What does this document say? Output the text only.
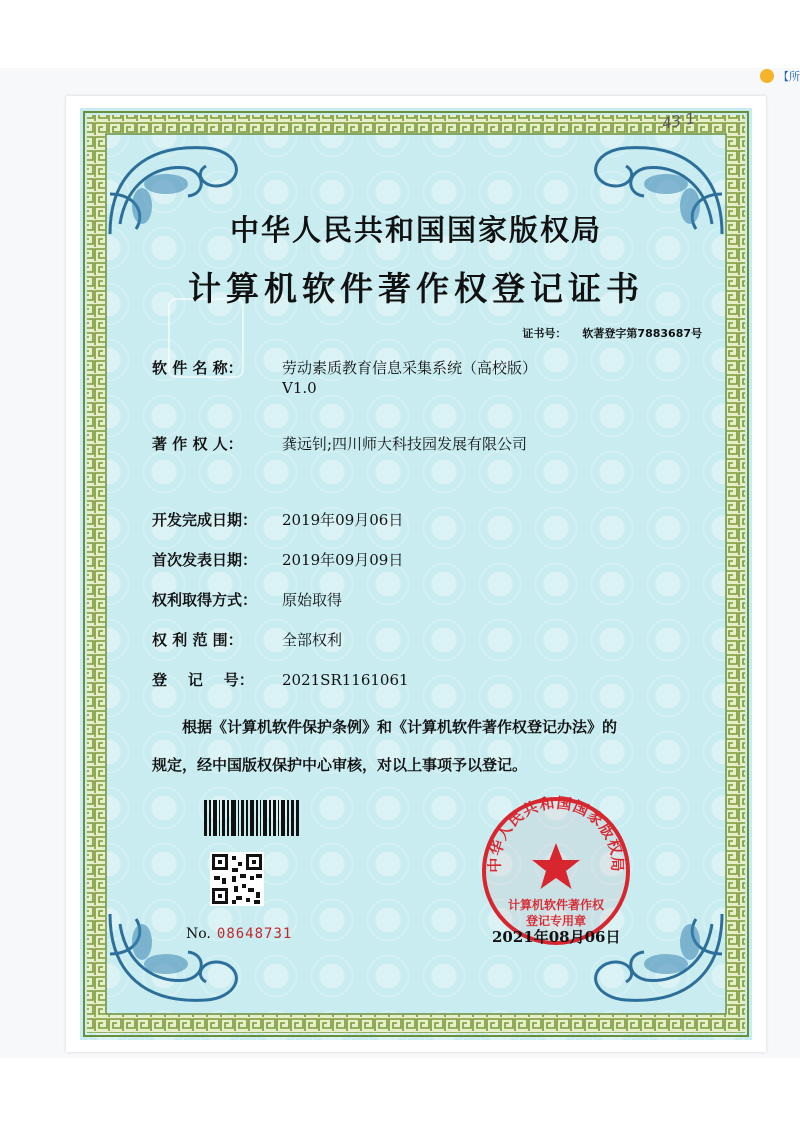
【所
43 1
中华人民共和国国家版权局
计算机软件著作权登记证书
证书号： 软著登字第7883687号
软 件 名 称：	劳动素质教育信息采集系统（高校版）
V1.0
著 作 权 人：	龚远钊;四川师大科技园发展有限公司
开发完成日期：	2019年09月06日
首次发表日期：	2019年09月09日
权利取得方式：	原始取得
权 利 范 围：	全部权利
登    记    号：	2021SR1161061
根据《计算机软件保护条例》和《计算机软件著作权登记办法》的
规定，经中国版权保护中心审核，对以上事项予以登记。
No. 08648731
中华人民共和国国家版权局
计算机软件著作权
登记专用章
2021年08月06日
